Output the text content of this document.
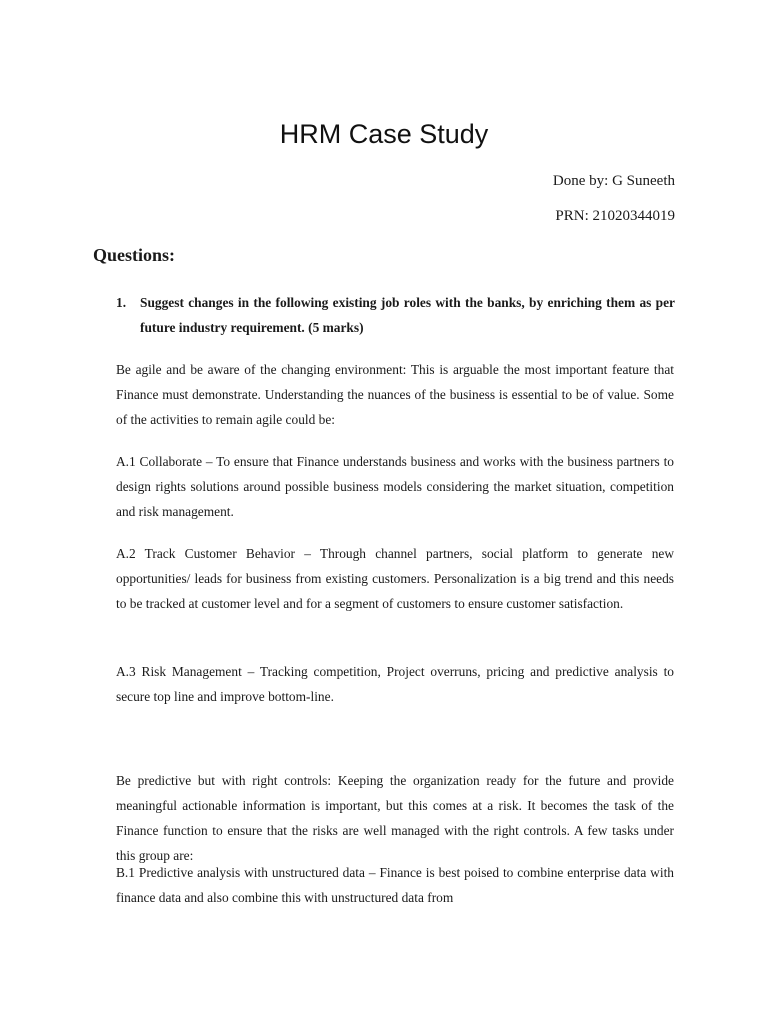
HRM Case Study
Done by: G Suneeth
PRN: 21020344019
Questions:
1.	Suggest changes in the following existing job roles with the banks, by enriching them as per future industry requirement. (5 marks)

Be agile and be aware of the changing environment: This is arguable the most important feature that Finance must demonstrate. Understanding the nuances of the business is essential to be of value. Some of the activities to remain agile could be:

A.1 Collaborate – To ensure that Finance understands business and works with the business partners to design rights solutions around possible business models considering the market situation, competition and risk management.

A.2 Track Customer Behavior – Through channel partners, social platform to generate new opportunities/ leads for business from existing customers. Personalization is a big trend and this needs to be tracked at customer level and for a segment of customers to ensure customer satisfaction.

A.3 Risk Management – Tracking competition, Project overruns, pricing and predictive analysis to secure top line and improve bottom-line.

Be predictive but with right controls: Keeping the organization ready for the future and provide meaningful actionable information is important, but this comes at a risk. It becomes the task of the Finance function to ensure that the risks are well managed with the right controls. A few tasks under this group are:

B.1 Predictive analysis with unstructured data – Finance is best poised to combine enterprise data with finance data and also combine this with unstructured data from
